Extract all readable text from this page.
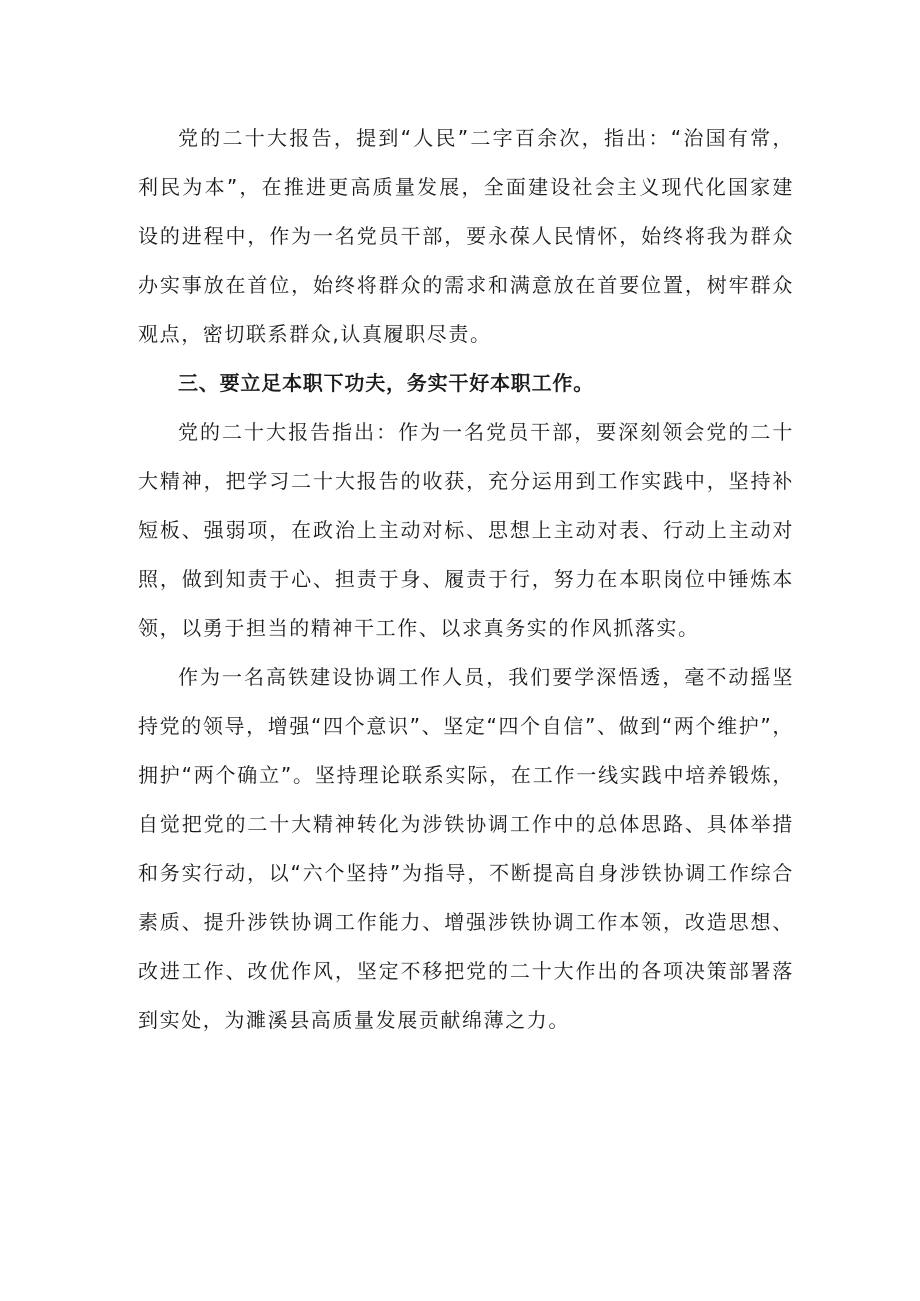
党的二十大报告，提到“人民”二字百余次，指出：“治国有常，利民为本”，在推进更高质量发展，全面建设社会主义现代化国家建设的进程中，作为一名党员干部，要永葆人民情怀，始终将我为群众办实事放在首位，始终将群众的需求和满意放在首要位置，树牢群众观点，密切联系群众,认真履职尽责。

三、要立足本职下功夫，务实干好本职工作。

党的二十大报告指出：作为一名党员干部，要深刻领会党的二十大精神，把学习二十大报告的收获，充分运用到工作实践中，坚持补短板、强弱项，在政治上主动对标、思想上主动对表、行动上主动对照，做到知责于心、担责于身、履责于行，努力在本职岗位中锤炼本领，以勇于担当的精神干工作、以求真务实的作风抓落实。

作为一名高铁建设协调工作人员，我们要学深悟透，毫不动摇坚持党的领导，增强“四个意识”、坚定“四个自信”、做到“两个维护”，拥护“两个确立”。坚持理论联系实际，在工作一线实践中培养锻炼，自觉把党的二十大精神转化为涉铁协调工作中的总体思路、具体举措和务实行动，以“六个坚持”为指导，不断提高自身涉铁协调工作综合素质、提升涉铁协调工作能力、增强涉铁协调工作本领，改造思想、改进工作、改优作风，坚定不移把党的二十大作出的各项决策部署落到实处，为濉溪县高质量发展贡献绵薄之力。
